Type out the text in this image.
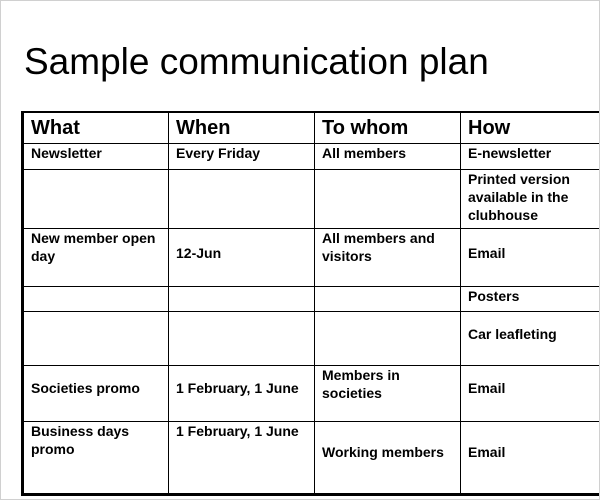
Sample communication plan
What	When	To whom	How
Newsletter	Every Friday	All members	E-newsletter
			Printed version available in the clubhouse
New member open day	12-Jun	All members and visitors	Email
			Posters
			Car leafleting
Societies promo	1 February, 1 June	Members in societies	Email
Business days promo	1 February, 1 June	Working members	Email
